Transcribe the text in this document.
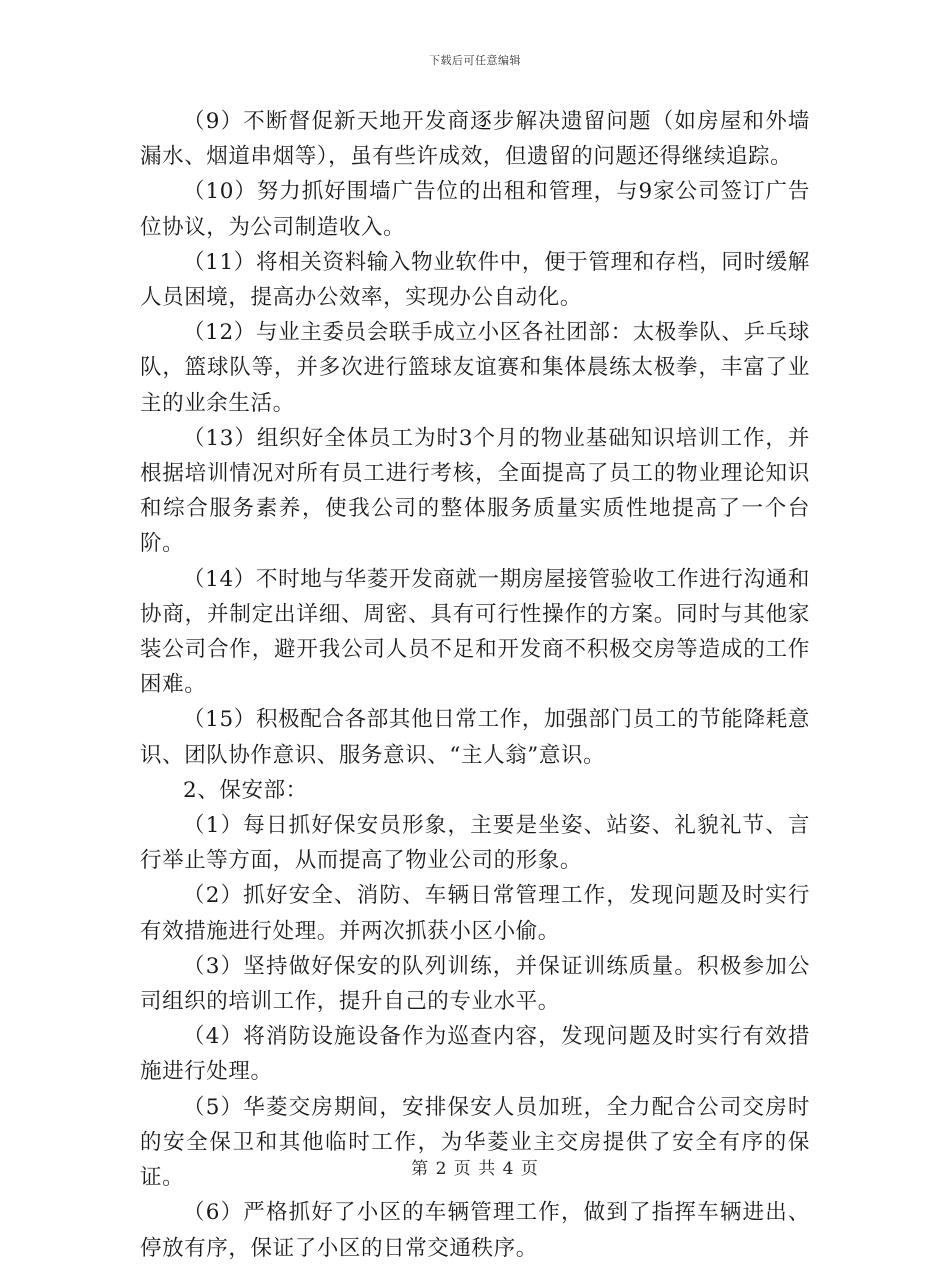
下载后可任意编辑

（9）不断督促新天地开发商逐步解决遗留问题（如房屋和外墙漏水、烟道串烟等），虽有些许成效，但遗留的问题还得继续追踪。

（10）努力抓好围墙广告位的出租和管理，与9家公司签订广告位协议，为公司制造收入。

（11）将相关资料输入物业软件中，便于管理和存档，同时缓解人员困境，提高办公效率，实现办公自动化。

（12）与业主委员会联手成立小区各社团部：太极拳队、乒乓球队，篮球队等，并多次进行篮球友谊赛和集体晨练太极拳，丰富了业主的业余生活。

（13）组织好全体员工为时3个月的物业基础知识培训工作，并根据培训情况对所有员工进行考核，全面提高了员工的物业理论知识和综合服务素养，使我公司的整体服务质量实质性地提高了一个台阶。

（14）不时地与华菱开发商就一期房屋接管验收工作进行沟通和协商，并制定出详细、周密、具有可行性操作的方案。同时与其他家装公司合作，避开我公司人员不足和开发商不积极交房等造成的工作困难。

（15）积极配合各部其他日常工作，加强部门员工的节能降耗意识、团队协作意识、服务意识、“主人翁”意识。

2、保安部：

（1）每日抓好保安员形象，主要是坐姿、站姿、礼貌礼节、言行举止等方面，从而提高了物业公司的形象。

（2）抓好安全、消防、车辆日常管理工作，发现问题及时实行有效措施进行处理。并两次抓获小区小偷。

（3）坚持做好保安的队列训练，并保证训练质量。积极参加公司组织的培训工作，提升自己的专业水平。

（4）将消防设施设备作为巡查内容，发现问题及时实行有效措施进行处理。

（5）华菱交房期间，安排保安人员加班，全力配合公司交房时的安全保卫和其他临时工作，为华菱业主交房提供了安全有序的保证。

（6）严格抓好了小区的车辆管理工作，做到了指挥车辆进出、停放有序，保证了小区的日常交通秩序。

第 2 页 共 4 页
